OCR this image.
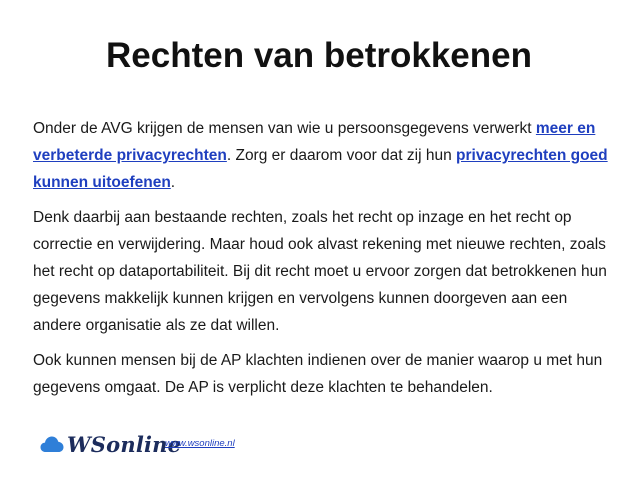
Rechten van betrokkenen

Onder de AVG krijgen de mensen van wie u persoonsgegevens verwerkt meer en verbeterde privacyrechten. Zorg er daarom voor dat zij hun privacyrechten goed kunnen uitoefenen.

Denk daarbij aan bestaande rechten, zoals het recht op inzage en het recht op correctie en verwijdering. Maar houd ook alvast rekening met nieuwe rechten, zoals het recht op dataportabiliteit. Bij dit recht moet u ervoor zorgen dat betrokkenen hun gegevens makkelijk kunnen krijgen en vervolgens kunnen doorgeven aan een andere organisatie als ze dat willen.

Ook kunnen mensen bij de AP klachten indienen over de manier waarop u met hun gegevens omgaat. De AP is verplicht deze klachten te behandelen.

WSonline
www.wsonline.nl
